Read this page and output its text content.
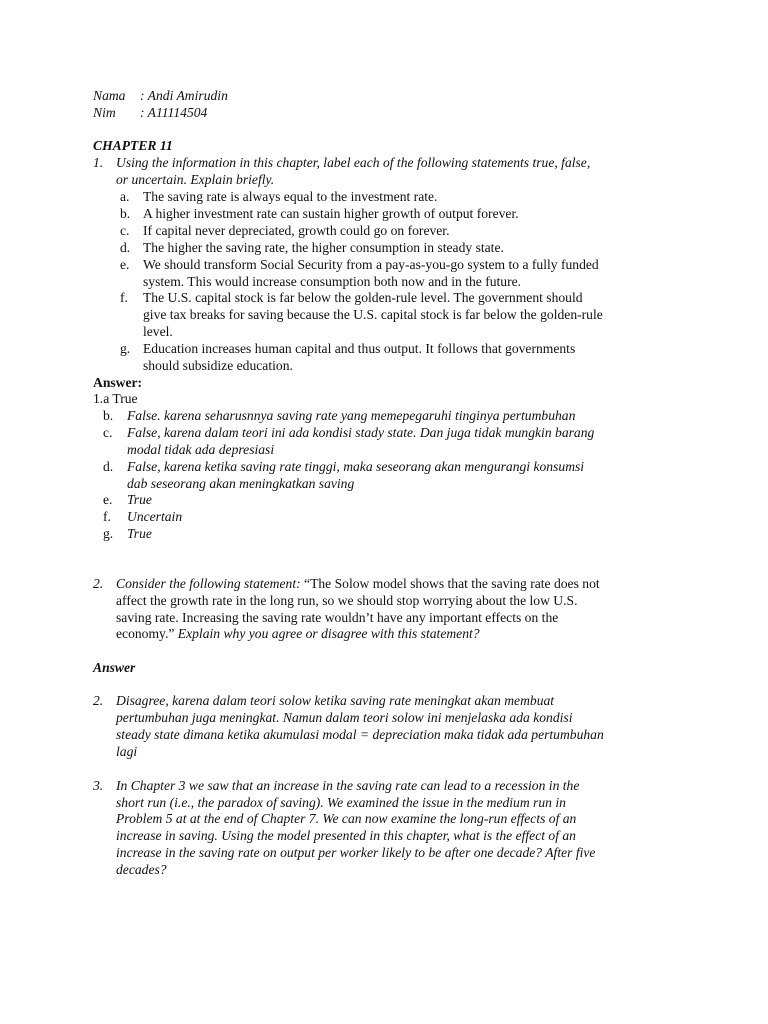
Nama : Andi Amirudin
Nim : A11114504
CHAPTER 11
1. Using the information in this chapter, label each of the following statements true, false,
or uncertain. Explain briefly.
a. The saving rate is always equal to the investment rate.
b. A higher investment rate can sustain higher growth of output forever.
c. If capital never depreciated, growth could go on forever.
d. The higher the saving rate, the higher consumption in steady state.
e. We should transform Social Security from a pay-as-you-go system to a fully funded
system. This would increase consumption both now and in the future.
f. The U.S. capital stock is far below the golden-rule level. The government should
give tax breaks for saving because the U.S. capital stock is far below the golden-rule
level.
g. Education increases human capital and thus output. It follows that governments
should subsidize education.
Answer:
1.a True
b. False. karena seharusnnya saving rate yang memepegaruhi tinginya pertumbuhan
c. False, karena dalam teori ini ada kondisi stady state. Dan juga tidak mungkin barang
modal tidak ada depresiasi
d. False, karena ketika saving rate tinggi, maka seseorang akan mengurangi konsumsi
dab seseorang akan meningkatkan saving
e. True
f. Uncertain
g. True
2. Consider the following statement: “The Solow model shows that the saving rate does not
affect the growth rate in the long run, so we should stop worrying about the low U.S.
saving rate. Increasing the saving rate wouldn’t have any important effects on the
economy.” Explain why you agree or disagree with this statement?
Answer
2. Disagree, karena dalam teori solow ketika saving rate meningkat akan membuat
pertumbuhan juga meningkat. Namun dalam teori solow ini menjelaska ada kondisi
steady state dimana ketika akumulasi modal = depreciation maka tidak ada pertumbuhan
lagi
3. In Chapter 3 we saw that an increase in the saving rate can lead to a recession in the
short run (i.e., the paradox of saving). We examined the issue in the medium run in
Problem 5 at at the end of Chapter 7. We can now examine the long-run effects of an
increase in saving. Using the model presented in this chapter, what is the effect of an
increase in the saving rate on output per worker likely to be after one decade? After five
decades?
